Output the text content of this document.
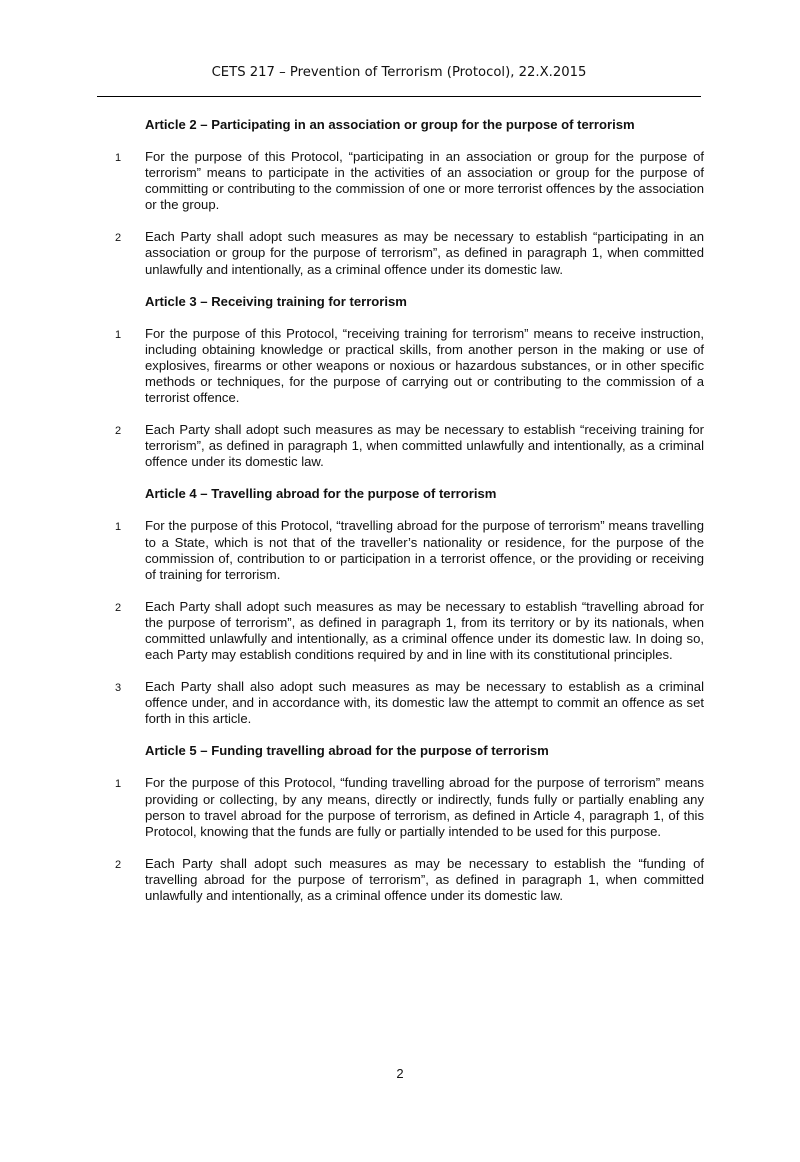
CETS 217 – Prevention of Terrorism (Protocol), 22.X.2015
Article 2 – Participating in an association or group for the purpose of terrorism
1 For the purpose of this Protocol, “participating in an association or group for the purpose of terrorism” means to participate in the activities of an association or group for the purpose of committing or contributing to the commission of one or more terrorist offences by the association or the group.
2 Each Party shall adopt such measures as may be necessary to establish “participating in an association or group for the purpose of terrorism”, as defined in paragraph 1, when committed unlawfully and intentionally, as a criminal offence under its domestic law.
Article 3 – Receiving training for terrorism
1 For the purpose of this Protocol, “receiving training for terrorism” means to receive instruction, including obtaining knowledge or practical skills, from another person in the making or use of explosives, firearms or other weapons or noxious or hazardous substances, or in other specific methods or techniques, for the purpose of carrying out or contributing to the commission of a terrorist offence.
2 Each Party shall adopt such measures as may be necessary to establish “receiving training for terrorism”, as defined in paragraph 1, when committed unlawfully and intentionally, as a criminal offence under its domestic law.
Article 4 – Travelling abroad for the purpose of terrorism
1 For the purpose of this Protocol, “travelling abroad for the purpose of terrorism” means travelling to a State, which is not that of the traveller’s nationality or residence, for the purpose of the commission of, contribution to or participation in a terrorist offence, or the providing or receiving of training for terrorism.
2 Each Party shall adopt such measures as may be necessary to establish “travelling abroad for the purpose of terrorism”, as defined in paragraph 1, from its territory or by its nationals, when committed unlawfully and intentionally, as a criminal offence under its domestic law. In doing so, each Party may establish conditions required by and in line with its constitutional principles.
3 Each Party shall also adopt such measures as may be necessary to establish as a criminal offence under, and in accordance with, its domestic law the attempt to commit an offence as set forth in this article.
Article 5 – Funding travelling abroad for the purpose of terrorism
1 For the purpose of this Protocol, “funding travelling abroad for the purpose of terrorism” means providing or collecting, by any means, directly or indirectly, funds fully or partially enabling any person to travel abroad for the purpose of terrorism, as defined in Article 4, paragraph 1, of this Protocol, knowing that the funds are fully or partially intended to be used for this purpose.
2 Each Party shall adopt such measures as may be necessary to establish the “funding of travelling abroad for the purpose of terrorism”, as defined in paragraph 1, when committed unlawfully and intentionally, as a criminal offence under its domestic law.
2
